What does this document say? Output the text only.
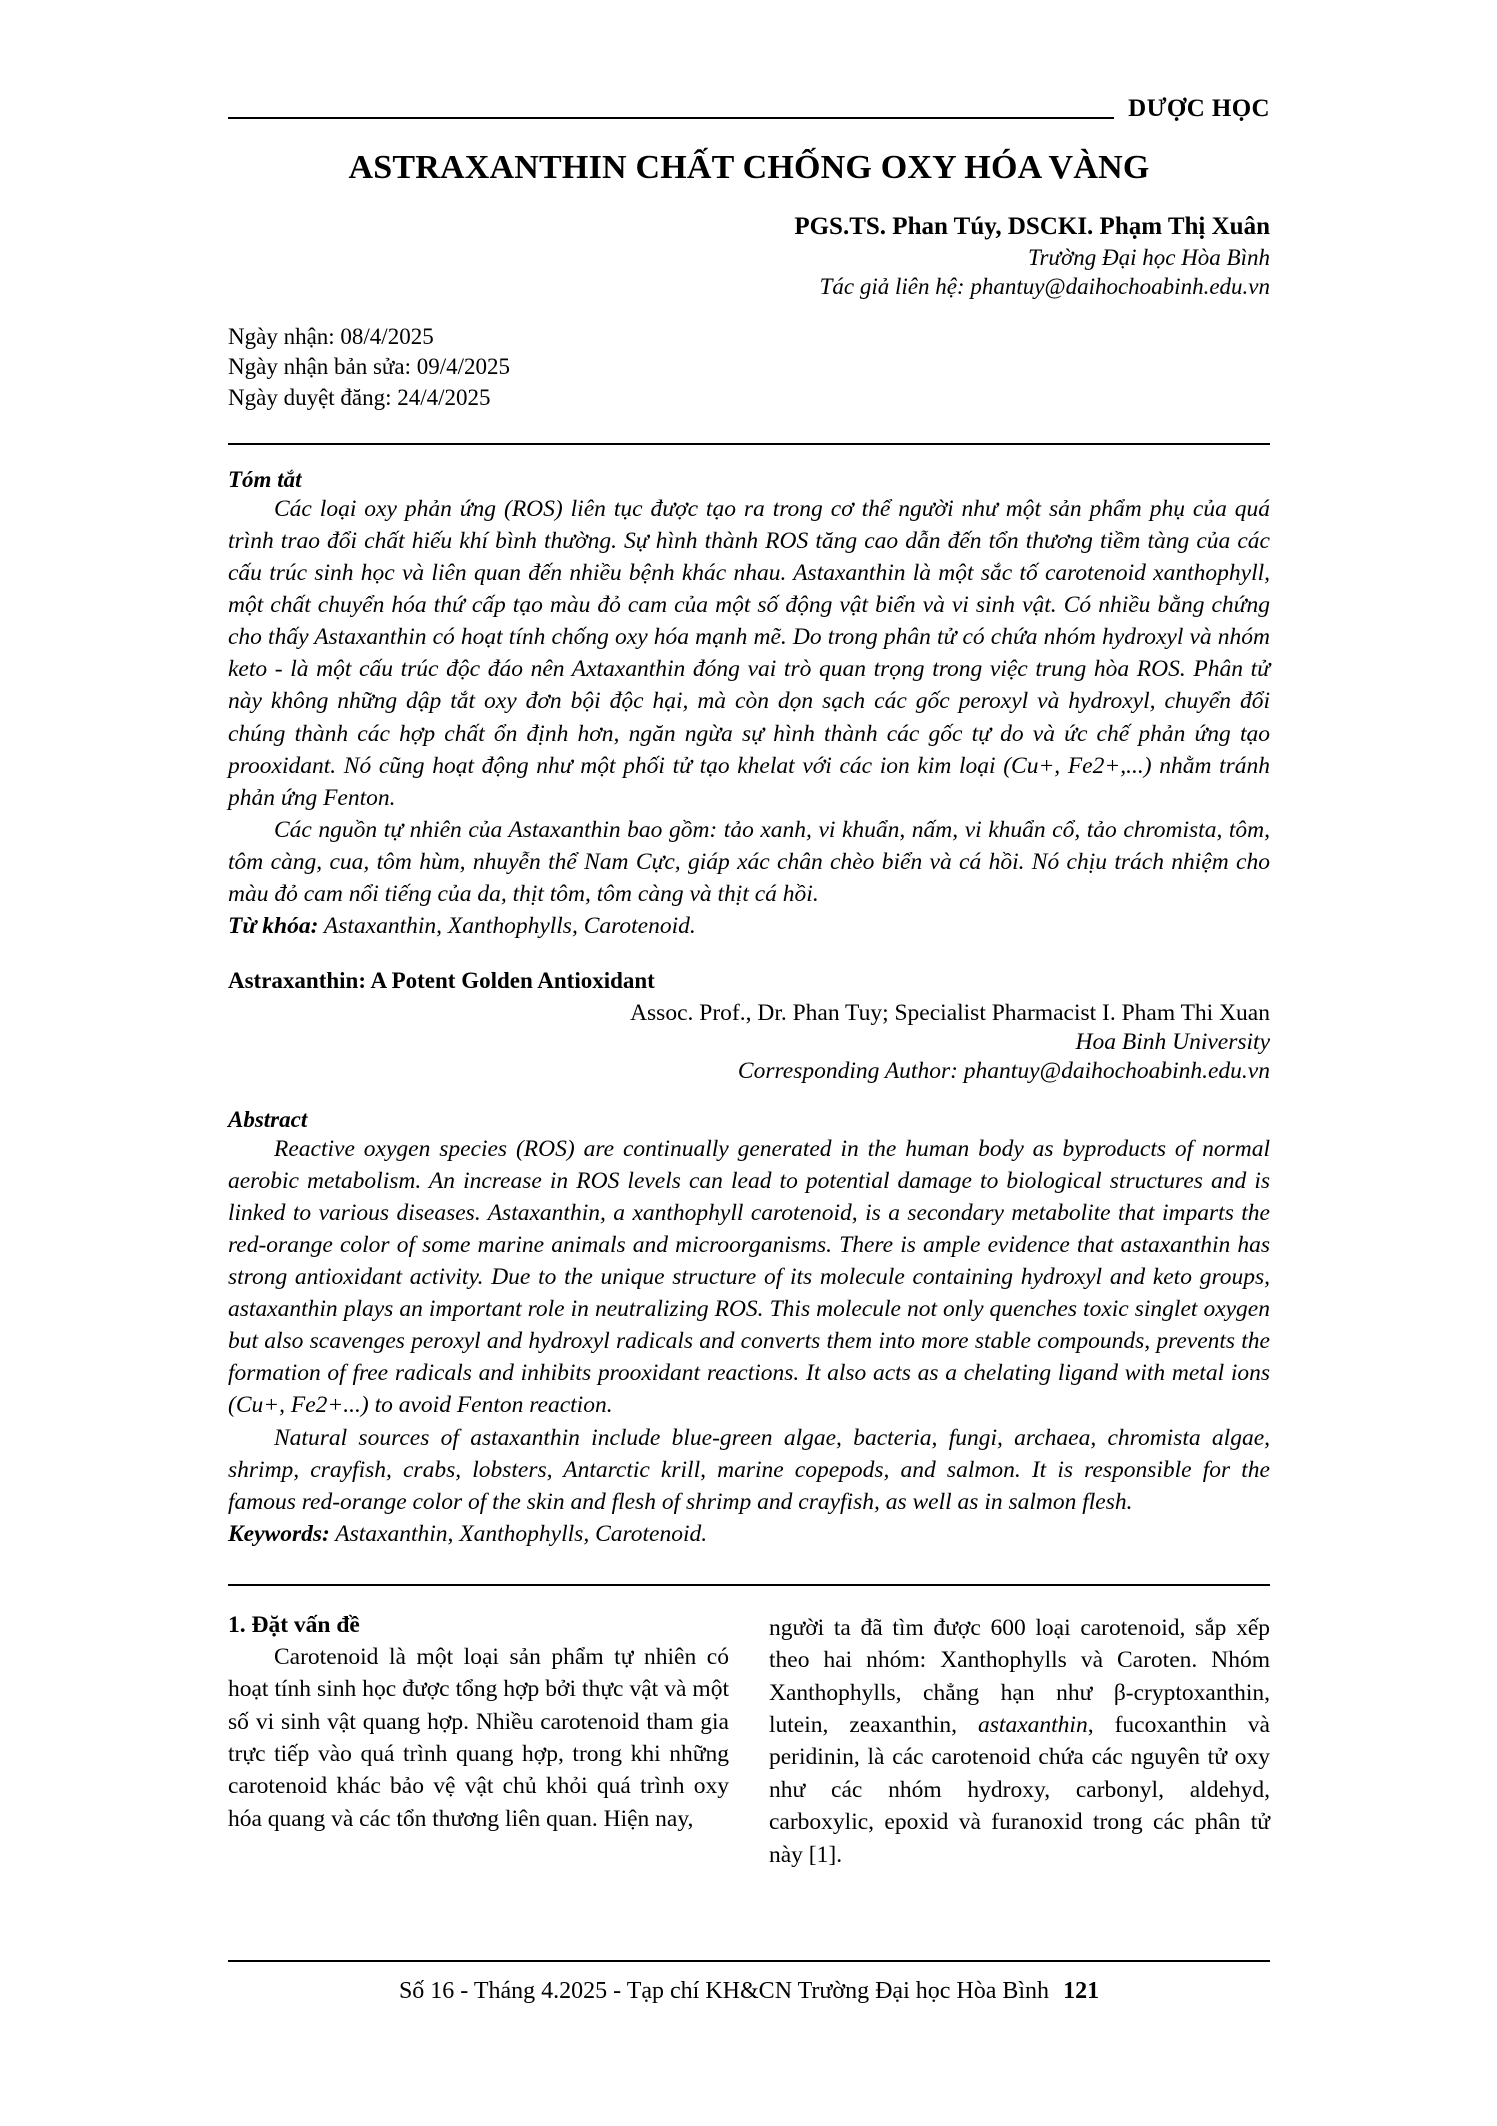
DƯỢC HỌC
ASTRAXANTHIN CHẤT CHỐNG OXY HÓA VÀNG
PGS.TS. Phan Túy, DSCKI. Phạm Thị Xuân
Trường Đại học Hòa Bình
Tác giả liên hệ: phantuy@daihochoabinh.edu.vn
Ngày nhận: 08/4/2025
Ngày nhận bản sửa: 09/4/2025
Ngày duyệt đăng: 24/4/2025
Tóm tắt

Các loại oxy phản ứng (ROS) liên tục được tạo ra trong cơ thể người như một sản phẩm phụ của quá trình trao đổi chất hiếu khí bình thường. Sự hình thành ROS tăng cao dẫn đến tổn thương tiềm tàng của các cấu trúc sinh học và liên quan đến nhiều bệnh khác nhau. Astaxanthin là một sắc tố carotenoid xanthophyll, một chất chuyển hóa thứ cấp tạo màu đỏ cam của một số động vật biển và vi sinh vật. Có nhiều bằng chứng cho thấy Astaxanthin có hoạt tính chống oxy hóa mạnh mẽ. Do trong phân tử có chứa nhóm hydroxyl và nhóm keto - là một cấu trúc độc đáo nên Axtaxanthin đóng vai trò quan trọng trong việc trung hòa ROS. Phân tử này không những dập tắt oxy đơn bội độc hại, mà còn dọn sạch các gốc peroxyl và hydroxyl, chuyển đổi chúng thành các hợp chất ổn định hơn, ngăn ngừa sự hình thành các gốc tự do và ức chế phản ứng tạo prooxidant. Nó cũng hoạt động như một phối tử tạo khelat với các ion kim loại (Cu+, Fe2+,...) nhằm tránh phản ứng Fenton.

Các nguồn tự nhiên của Astaxanthin bao gồm: tảo xanh, vi khuẩn, nấm, vi khuẩn cổ, tảo chromista, tôm, tôm càng, cua, tôm hùm, nhuyễn thể Nam Cực, giáp xác chân chèo biển và cá hồi. Nó chịu trách nhiệm cho màu đỏ cam nổi tiếng của da, thịt tôm, tôm càng và thịt cá hồi.

Từ khóa: Astaxanthin, Xanthophylls, Carotenoid.

Astraxanthin: A Potent Golden Antioxidant
Assoc. Prof., Dr. Phan Tuy; Specialist Pharmacist I. Pham Thi Xuan
Hoa Binh University
Corresponding Author: phantuy@daihochoabinh.edu.vn
Abstract

Reactive oxygen species (ROS) are continually generated in the human body as byproducts of normal aerobic metabolism. An increase in ROS levels can lead to potential damage to biological structures and is linked to various diseases. Astaxanthin, a xanthophyll carotenoid, is a secondary metabolite that imparts the red-orange color of some marine animals and microorganisms. There is ample evidence that astaxanthin has strong antioxidant activity. Due to the unique structure of its molecule containing hydroxyl and keto groups, astaxanthin plays an important role in neutralizing ROS. This molecule not only quenches toxic singlet oxygen but also scavenges peroxyl and hydroxyl radicals and converts them into more stable compounds, prevents the formation of free radicals and inhibits prooxidant reactions. It also acts as a chelating ligand with metal ions (Cu+, Fe2+...) to avoid Fenton reaction.

Natural sources of astaxanthin include blue-green algae, bacteria, fungi, archaea, chromista algae, shrimp, crayfish, crabs, lobsters, Antarctic krill, marine copepods, and salmon. It is responsible for the famous red-orange color of the skin and flesh of shrimp and crayfish, as well as in salmon flesh.

Keywords: Astaxanthin, Xanthophylls, Carotenoid.

1. Đặt vấn đề

Carotenoid là một loại sản phẩm tự nhiên có hoạt tính sinh học được tổng hợp bởi thực vật và một số vi sinh vật quang hợp. Nhiều carotenoid tham gia trực tiếp vào quá trình quang hợp, trong khi những carotenoid khác bảo vệ vật chủ khỏi quá trình oxy hóa quang và các tổn thương liên quan. Hiện nay,

người ta đã tìm được 600 loại carotenoid, sắp xếp theo hai nhóm: Xanthophylls và Caroten. Nhóm Xanthophylls, chẳng hạn như β-cryptoxanthin, lutein, zeaxanthin, astaxanthin, fucoxanthin và peridinin, là các carotenoid chứa các nguyên tử oxy như các nhóm hydroxy, carbonyl, aldehyd, carboxylic, epoxid và furanoxid trong các phân tử này [1].

Số 16 - Tháng 4.2025 - Tạp chí KH&CN Trường Đại học Hòa Bình 121
